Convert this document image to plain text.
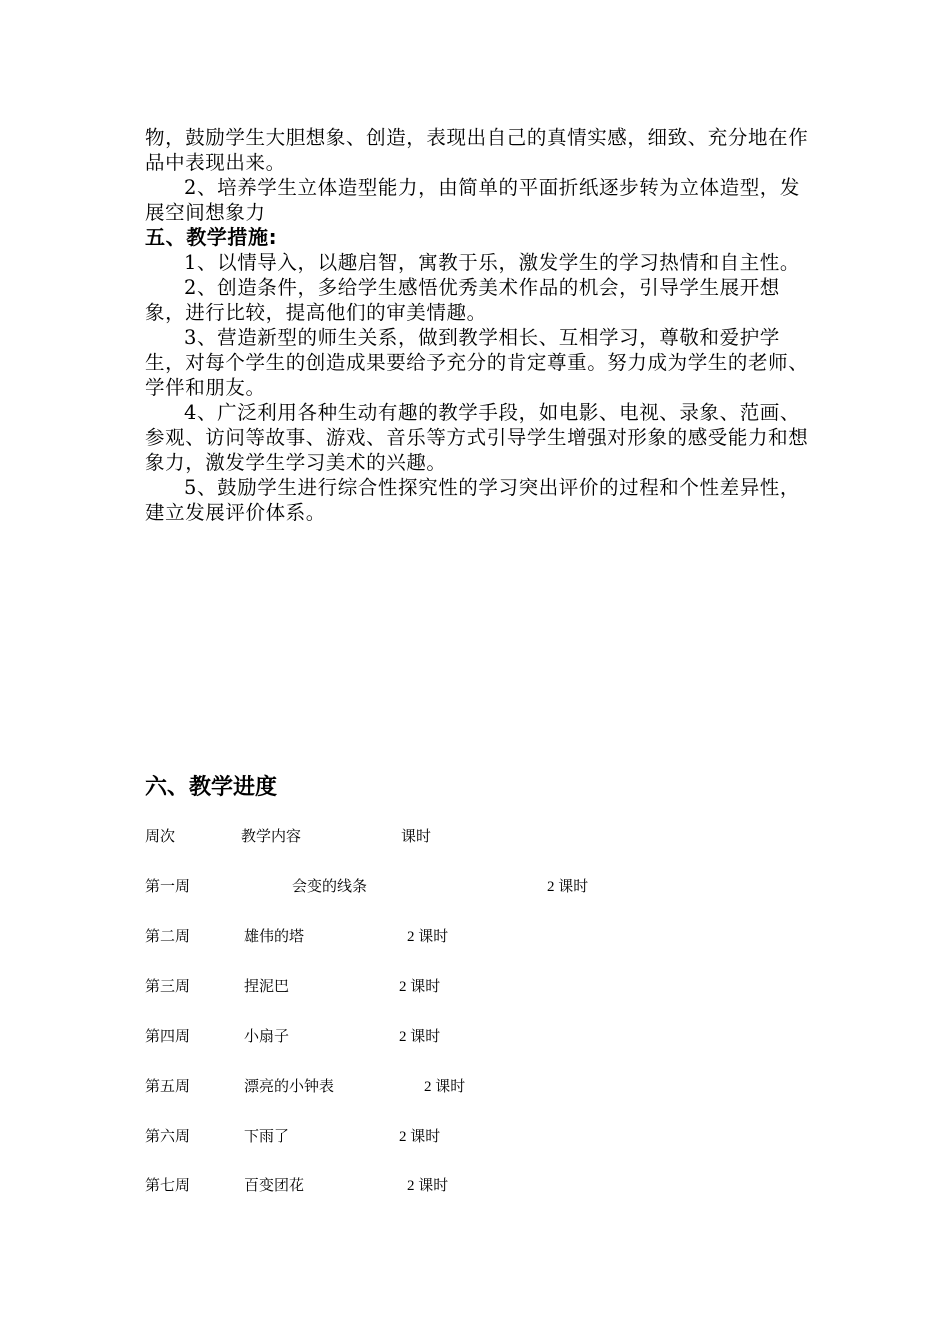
物，鼓励学生大胆想象、创造，表现出自己的真情实感，细致、充分地在作品中表现出来。

2、培养学生立体造型能力，由简单的平面折纸逐步转为立体造型，发展空间想象力

五、教学措施:

1、以情导入，以趣启智，寓教于乐，激发学生的学习热情和自主性。

2、创造条件，多给学生感悟优秀美术作品的机会，引导学生展开想象，进行比较，提高他们的审美情趣。

3、营造新型的师生关系，做到教学相长、互相学习，尊敬和爱护学生，对每个学生的创造成果要给予充分的肯定尊重。努力成为学生的老师、学伴和朋友。

4、广泛利用各种生动有趣的教学手段，如电影、电视、录象、范画、参观、访问等故事、游戏、音乐等方式引导学生增强对形象的感受能力和想象力，激发学生学习美术的兴趣。

5、鼓励学生进行综合性探究性的学习突出评价的过程和个性差异性，建立发展评价体系。

六、教学进度

周次	教学内容	课时
第一周	会变的线条	2 课时
第二周	雄伟的塔	2 课时
第三周	捏泥巴	2 课时
第四周	小扇子	2 课时
第五周	漂亮的小钟表	2 课时
第六周	下雨了	2 课时
第七周	百变团花	2 课时
